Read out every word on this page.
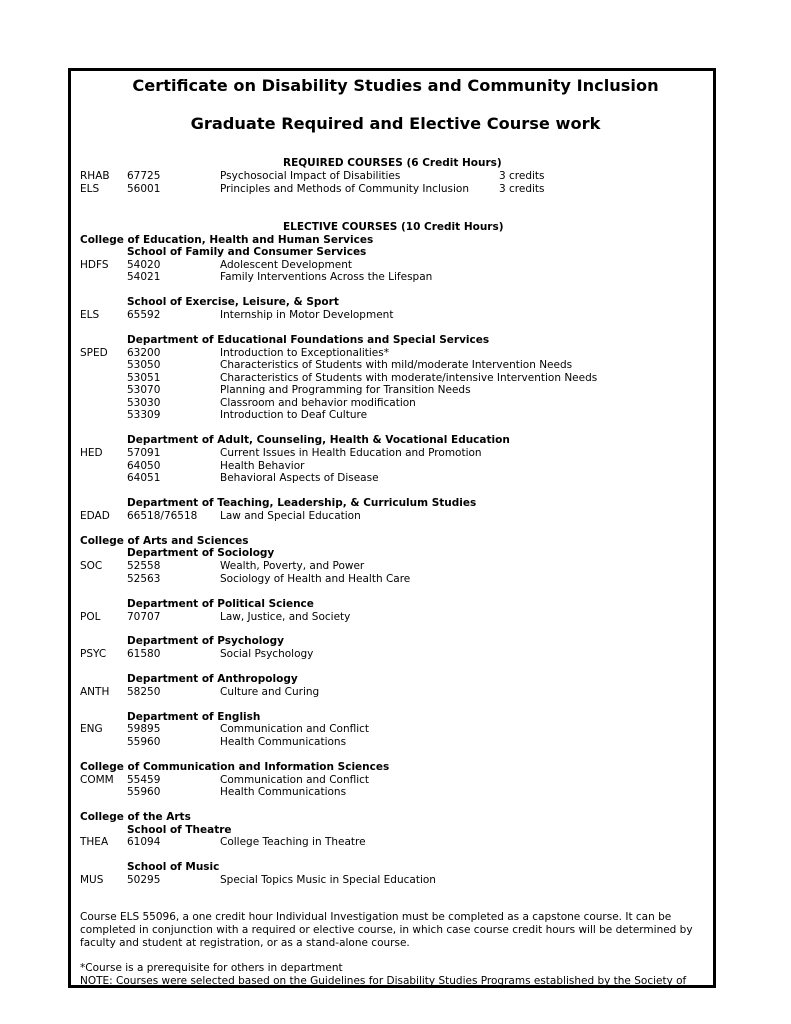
Certificate on Disability Studies and Community Inclusion
Graduate Required and Elective Course work

REQUIRED COURSES (6 Credit Hours)

RHAB 67725	Psychosocial Impact of Disabilities	3 credits

ELS	56001	Principles and Methods of Community Inclusion	3 credits

ELECTIVE COURSES (10 Credit Hours)

College of Education, Health and Human Services

School of Family and Consumer Services

HDFS 54020	Adolescent Development

54021	Family Interventions Across the Lifespan

School of Exercise, Leisure, & Sport

ELS	65592	Internship in Motor Development

Department of Educational Foundations and Special Services

SPED 63200	Introduction to Exceptionalities*

53050	Characteristics of Students with mild/moderate Intervention Needs

53051	Characteristics of Students with moderate/intensive Intervention Needs

53070	Planning and Programming for Transition Needs

53030	Classroom and behavior modification

53309	Introduction to Deaf Culture

Department of Adult, Counseling, Health & Vocational Education

HED 57091	Current Issues in Health Education and Promotion

64050	Health Behavior

64051	Behavioral Aspects of Disease

Department of Teaching, Leadership, & Curriculum Studies

EDAD 66518/76518 Law and Special Education

College of Arts and Sciences

Department of Sociology

SOC 52558	Wealth, Poverty, and Power

52563	Sociology of Health and Health Care

Department of Political Science

POL	70707	Law, Justice, and Society

Department of Psychology

PSYC 61580	Social Psychology

Department of Anthropology

ANTH 58250	Culture and Curing

Department of English

ENG 59895	Communication and Conflict

55960	Health Communications

College of Communication and Information Sciences

COMM 55459	Communication and Conflict

55960	Health Communications

College of the Arts

School of Theatre

THEA 61094	College Teaching in Theatre

School of Music

MUS 50295	Special Topics Music in Special Education

Course ELS 55096, a one credit hour Individual Investigation must be completed as a capstone course. It can be completed in conjunction with a required or elective course, in which case course credit hours will be determined by faculty and student at registration, or as a stand-alone course.

*Course is a prerequisite for others in department

NOTE: Courses were selected based on the Guidelines for Disability Studies Programs established by the Society of
